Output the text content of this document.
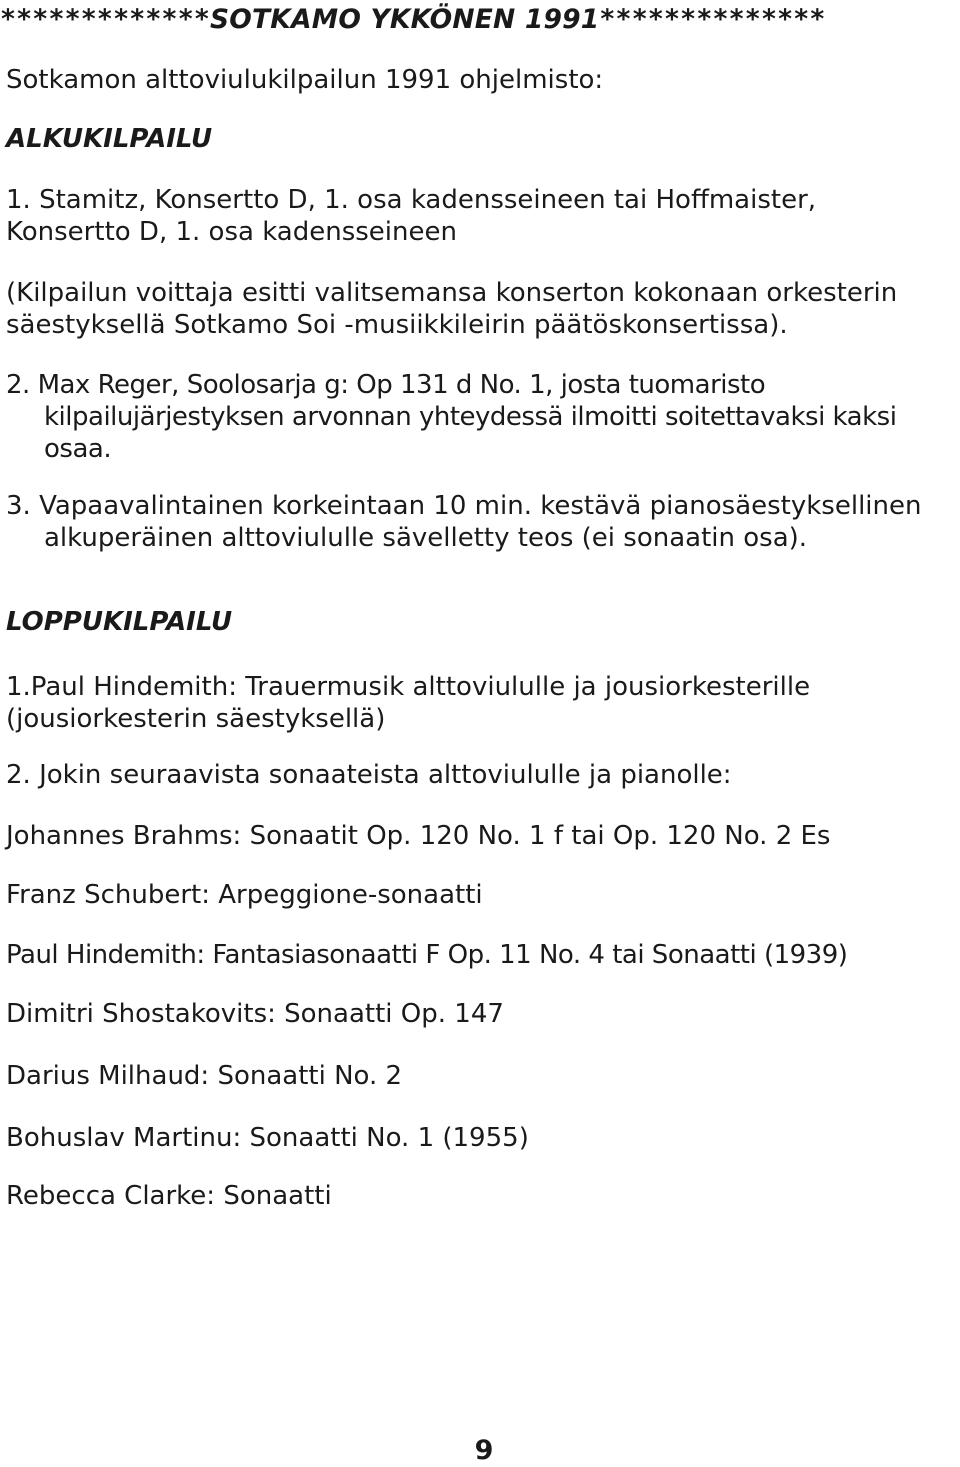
*************SOTKAMO YKKÖNEN 1991**************

Sotkamon alttoviulukilpailun 1991 ohjelmisto:

ALKUKILPAILU

1. Stamitz, Konsertto D, 1. osa kadensseineen tai Hoffmaister, Konsertto D, 1. osa kadensseineen

(Kilpailun voittaja esitti valitsemansa konserton kokonaan orkesterin säestyksellä Sotkamo Soi -musiikkileirin päätöskonsertissa).

2. Max Reger, Soolosarja g: Op 131 d No. 1, josta tuomaristo kilpailujärjestyksen arvonnan yhteydessä ilmoitti soitettavaksi kaksi osaa.

3. Vapaavalintainen korkeintaan 10 min. kestävä pianosäestyksellinen alkuperäinen alttoviululle sävelletty teos (ei sonaatin osa).

LOPPUKILPAILU

1.Paul Hindemith: Trauermusik alttoviululle ja jousiorkesterille (jousiorkesterin säestyksellä)

2. Jokin seuraavista sonaateista alttoviululle ja pianolle:

Johannes Brahms: Sonaatit Op. 120 No. 1 f tai Op. 120 No. 2 Es

Franz Schubert: Arpeggione-sonaatti

Paul Hindemith: Fantasiasonaatti F Op. 11 No. 4 tai Sonaatti (1939)

Dimitri Shostakovits: Sonaatti Op. 147

Darius Milhaud: Sonaatti No. 2

Bohuslav Martinu: Sonaatti No. 1 (1955)

Rebecca Clarke: Sonaatti

9
